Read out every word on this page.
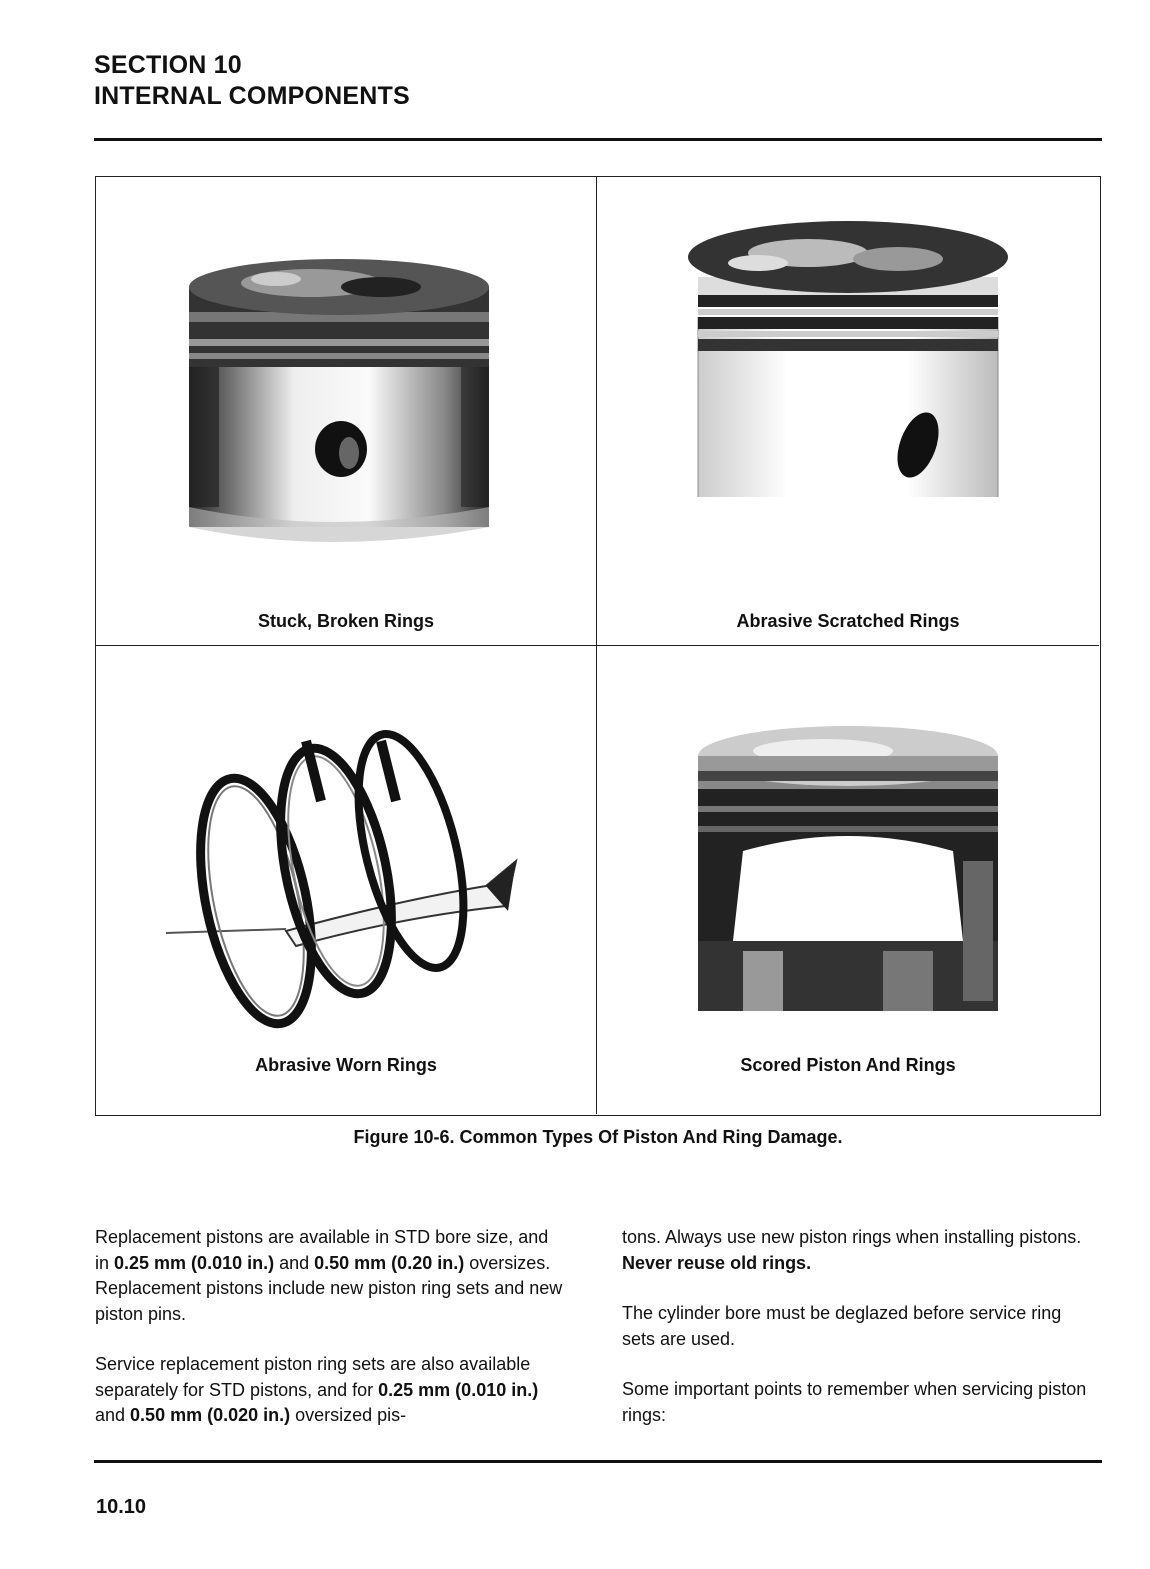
SECTION 10
INTERNAL COMPONENTS
Stuck, Broken Rings	Abrasive Scratched Rings
Abrasive Worn Rings	Scored Piston And Rings
Figure 10-6. Common Types Of Piston And Ring Damage.

Replacement pistons are available in STD bore size, and in 0.25 mm (0.010 in.) and 0.50 mm (0.20 in.) oversizes. Replacement pistons include new piston ring sets and new piston pins.

Service replacement piston ring sets are also available separately for STD pistons, and for 0.25 mm (0.010 in.) and 0.50 mm (0.020 in.) oversized pis-

tons. Always use new piston rings when installing pistons. Never reuse old rings.

The cylinder bore must be deglazed before service ring sets are used.

Some important points to remember when servicing piston rings:

10.10
